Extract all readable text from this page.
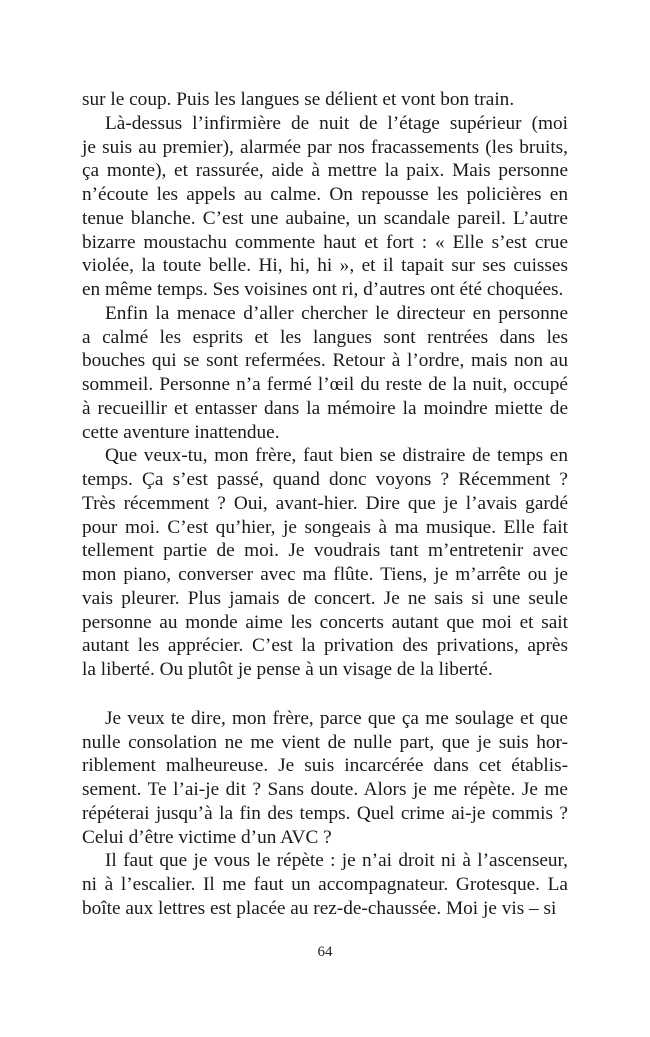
sur le coup. Puis les langues se délient et vont bon train.
Là-dessus l’infirmière de nuit de l’étage supérieur (moi
je suis au premier), alarmée par nos fracassements (les bruits,
ça monte), et rassurée, aide à mettre la paix. Mais personne
n’écoute les appels au calme. On repousse les policières en
tenue blanche. C’est une aubaine, un scandale pareil. L’autre
bizarre moustachu commente haut et fort : « Elle s’est crue
violée, la toute belle. Hi, hi, hi », et il tapait sur ses cuisses
en même temps. Ses voisines ont ri, d’autres ont été choquées.
Enfin la menace d’aller chercher le directeur en personne
a calmé les esprits et les langues sont rentrées dans les
bouches qui se sont refermées. Retour à l’ordre, mais non au
sommeil. Personne n’a fermé l’œil du reste de la nuit, occupé
à recueillir et entasser dans la mémoire la moindre miette de
cette aventure inattendue.
Que veux-tu, mon frère, faut bien se distraire de temps en
temps. Ça s’est passé, quand donc voyons ? Récemment ?
Très récemment ? Oui, avant-hier. Dire que je l’avais gardé
pour moi. C’est qu’hier, je songeais à ma musique. Elle fait
tellement partie de moi. Je voudrais tant m’entretenir avec
mon piano, converser avec ma flûte. Tiens, je m’arrête ou je
vais pleurer. Plus jamais de concert. Je ne sais si une seule
personne au monde aime les concerts autant que moi et sait
autant les apprécier. C’est la privation des privations, après
la liberté. Ou plutôt je pense à un visage de la liberté.
Je veux te dire, mon frère, parce que ça me soulage et que
nulle consolation ne me vient de nulle part, que je suis hor-
riblement malheureuse. Je suis incarcérée dans cet établis-
sement. Te l’ai-je dit ? Sans doute. Alors je me répète. Je me
répéterai jusqu’à la fin des temps. Quel crime ai-je commis ?
Celui d’être victime d’un AVC ?
Il faut que je vous le répète : je n’ai droit ni à l’ascenseur,
ni à l’escalier. Il me faut un accompagnateur. Grotesque. La
boîte aux lettres est placée au rez-de-chaussée. Moi je vis – si
64
